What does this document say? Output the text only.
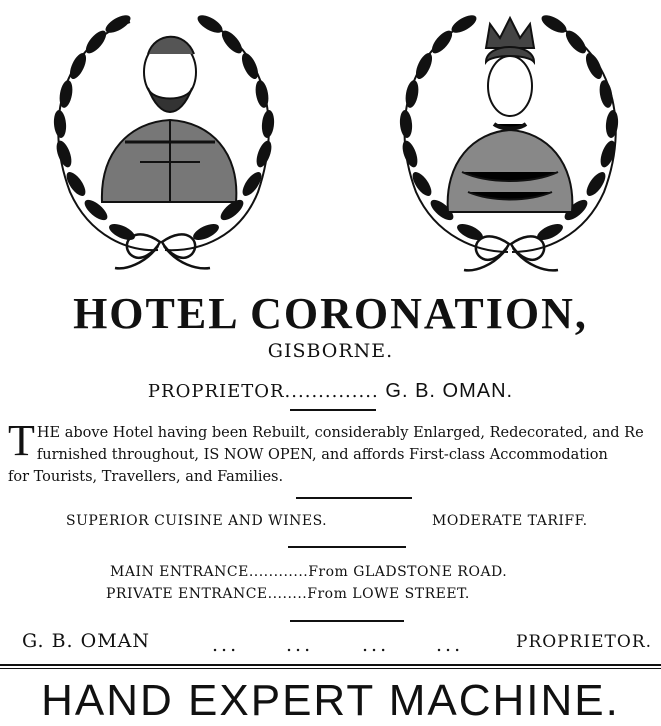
HOTEL CORONATION,
GISBORNE.
PROPRIETOR.............. G. B. OMAN.
T HE above Hotel having been Rebuilt, considerably Enlarged, Redecorated, and Re
furnished throughout, IS NOW OPEN, and affords First-class Accommodation
for Tourists, Travellers, and Families.
SUPERIOR CUISINE AND WINES.	MODERATE TARIFF.
MAIN ENTRANCE............From GLADSTONE ROAD.
PRIVATE ENTRANCE........From LOWE STREET.
G. B. OMAN	... ...	... ...	PROPRIETOR.
HAND EXPERT MACHINE.
